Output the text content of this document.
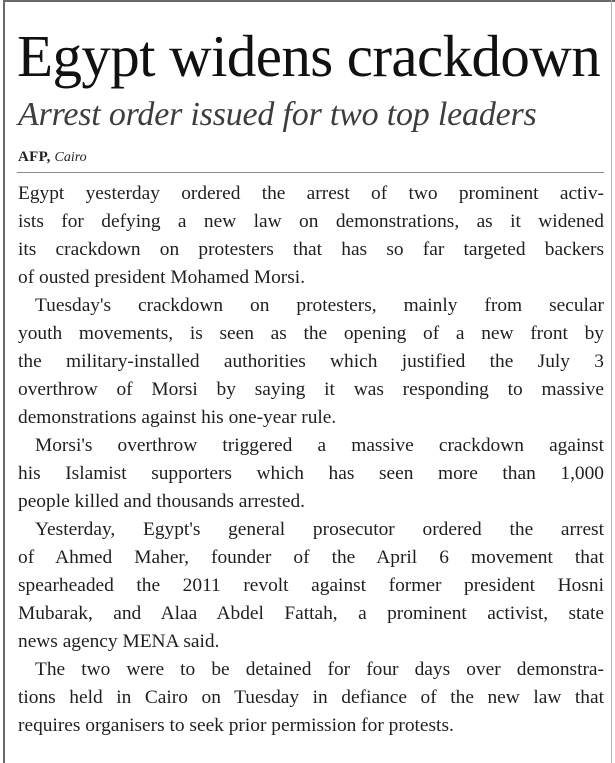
Egypt widens crackdown
Arrest order issued for two top leaders
AFP, Cairo
Egypt yesterday ordered the arrest of two prominent activ-
ists for defying a new law on demonstrations, as it widened
its crackdown on protesters that has so far targeted backers
of ousted president Mohamed Morsi.
Tuesday's crackdown on protesters, mainly from secular
youth movements, is seen as the opening of a new front by
the military-installed authorities which justified the July 3
overthrow of Morsi by saying it was responding to massive
demonstrations against his one-year rule.
Morsi's overthrow triggered a massive crackdown against
his Islamist supporters which has seen more than 1,000
people killed and thousands arrested.
Yesterday, Egypt's general prosecutor ordered the arrest
of Ahmed Maher, founder of the April 6 movement that
spearheaded the 2011 revolt against former president Hosni
Mubarak, and Alaa Abdel Fattah, a prominent activist, state
news agency MENA said.
The two were to be detained for four days over demonstra-
tions held in Cairo on Tuesday in defiance of the new law that
requires organisers to seek prior permission for protests.
